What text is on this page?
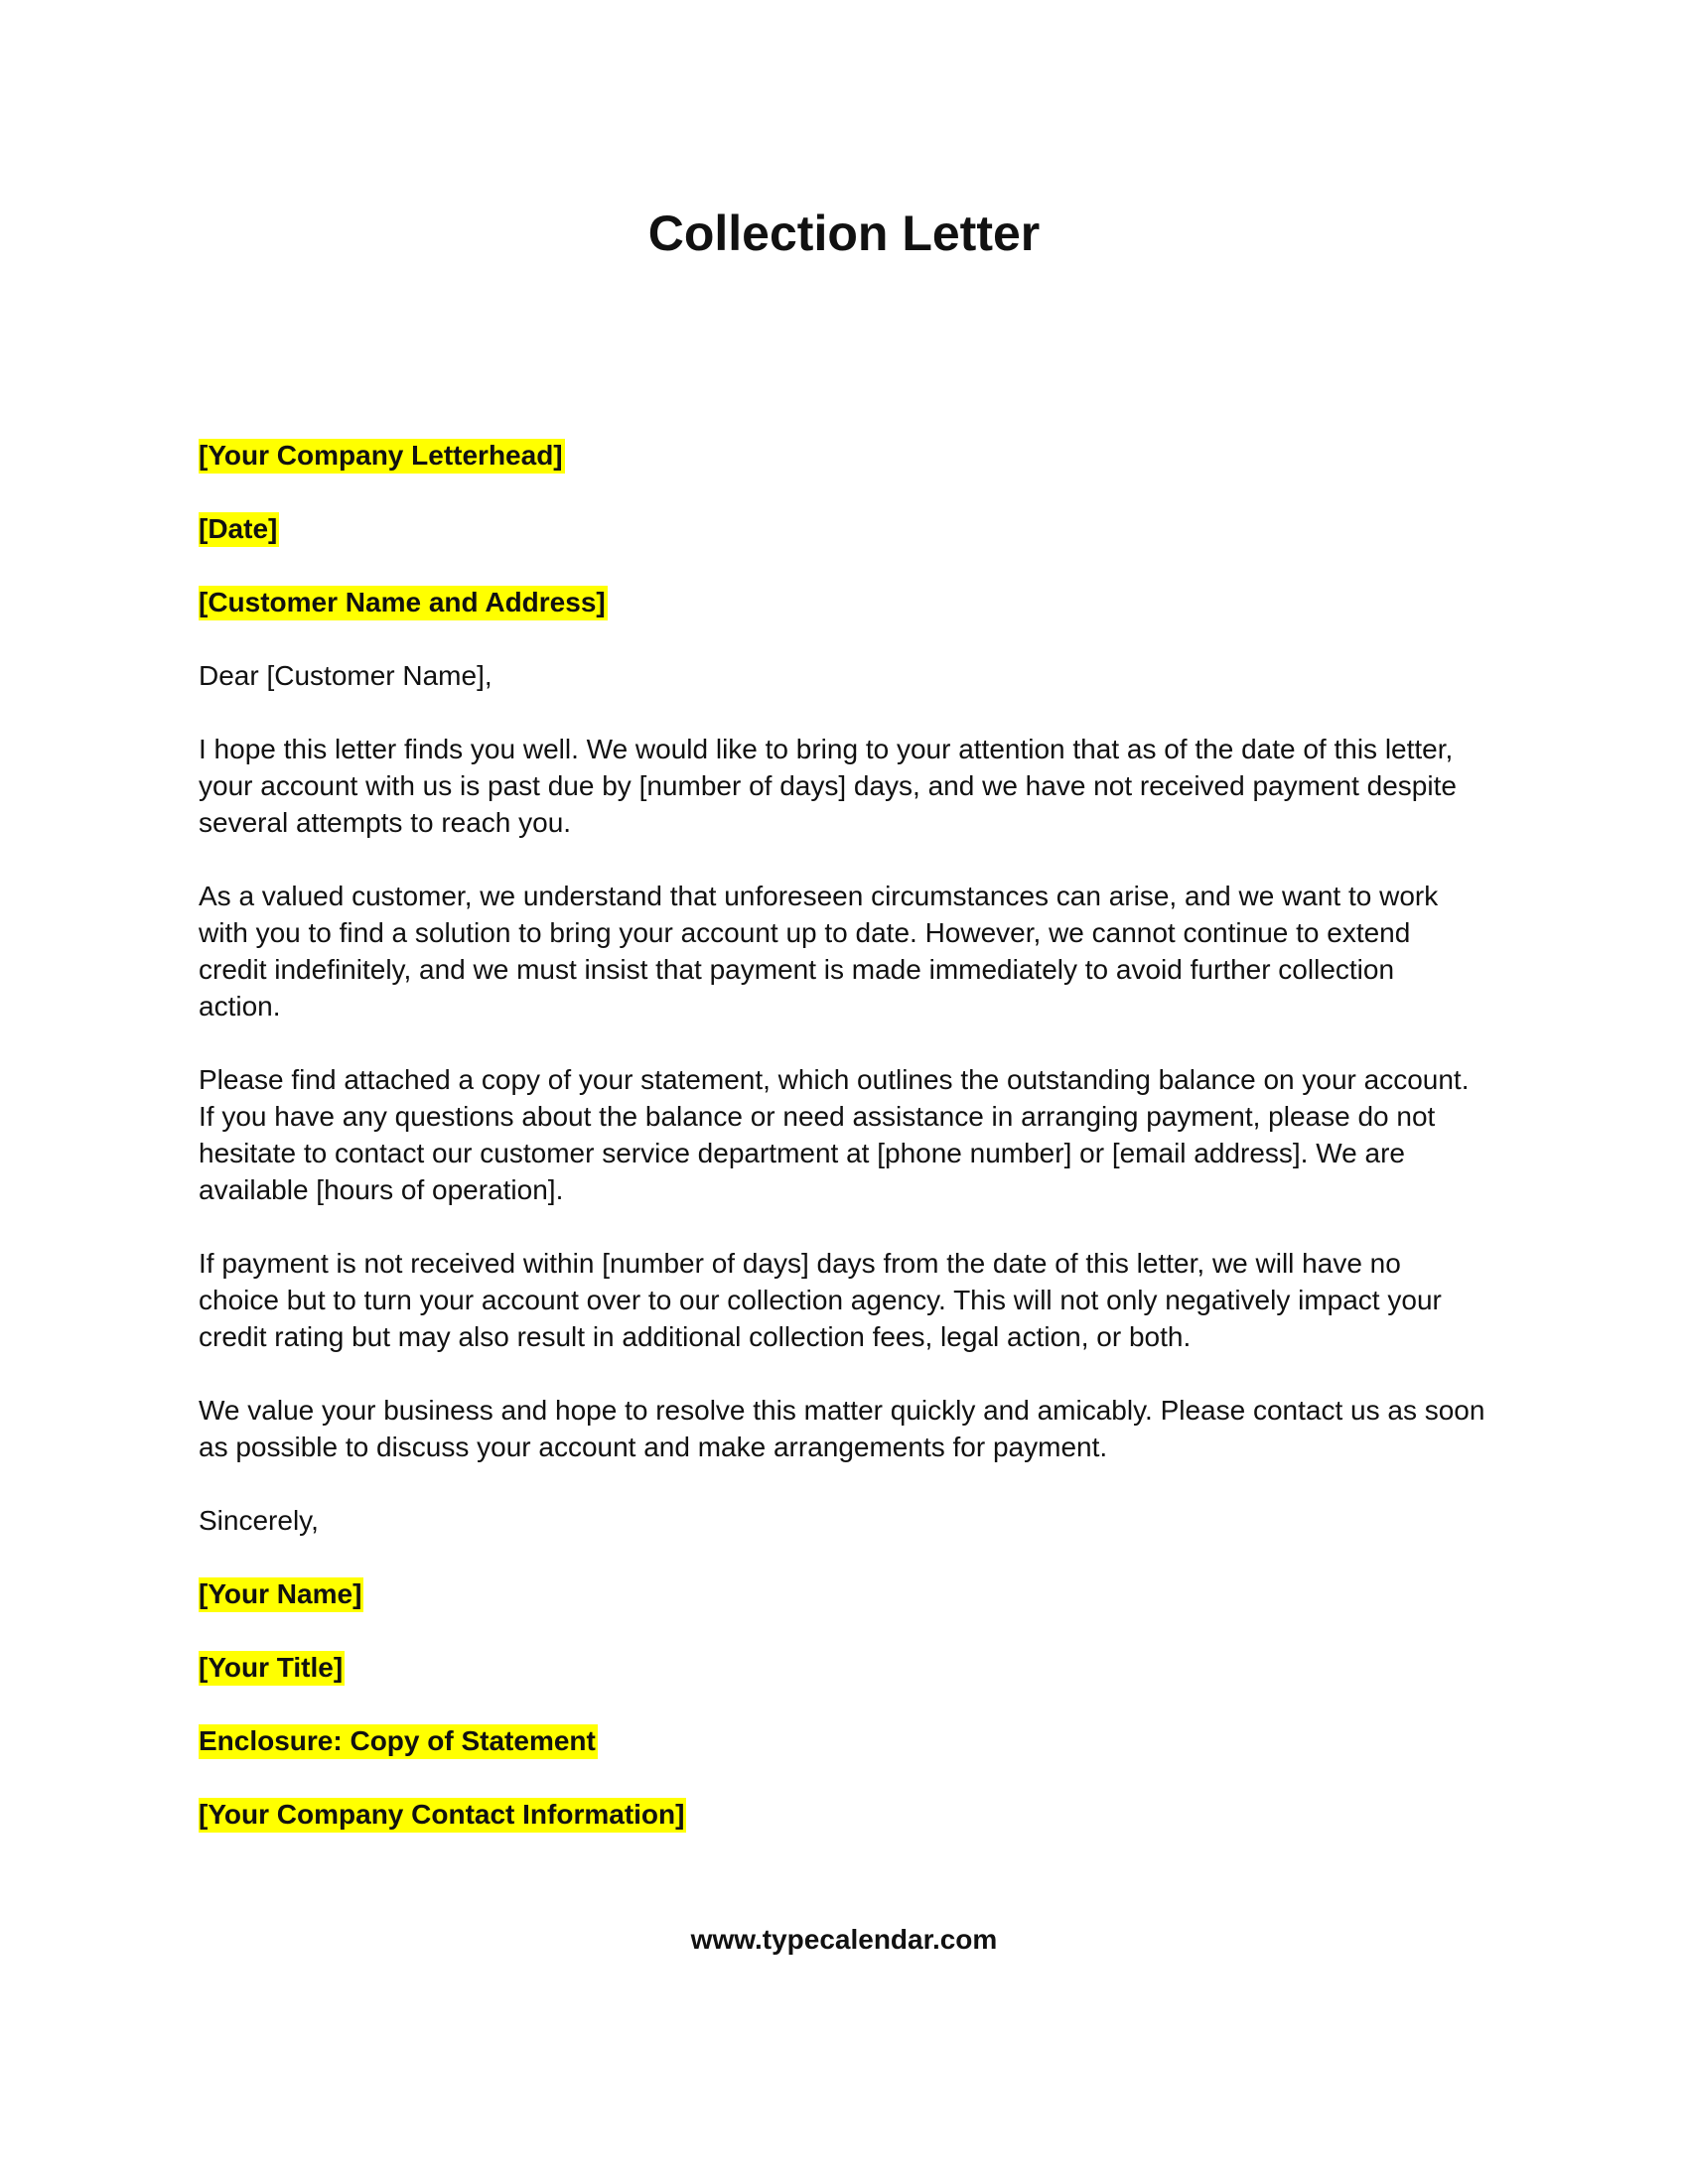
Collection Letter
[Your Company Letterhead]
[Date]
[Customer Name and Address]
Dear [Customer Name],

I hope this letter finds you well. We would like to bring to your attention that as of the date of this letter,

your account with us is past due by [number of days] days, and we have not received payment despite

several attempts to reach you.

As a valued customer, we understand that unforeseen circumstances can arise, and we want to work

with you to find a solution to bring your account up to date. However, we cannot continue to extend

credit indefinitely, and we must insist that payment is made immediately to avoid further collection

action.

Please find attached a copy of your statement, which outlines the outstanding balance on your account.

If you have any questions about the balance or need assistance in arranging payment, please do not

hesitate to contact our customer service department at [phone number] or [email address]. We are

available [hours of operation].

If payment is not received within [number of days] days from the date of this letter, we will have no

choice but to turn your account over to our collection agency. This will not only negatively impact your

credit rating but may also result in additional collection fees, legal action, or both.

We value your business and hope to resolve this matter quickly and amicably. Please contact us as soon

as possible to discuss your account and make arrangements for payment.

Sincerely,
[Your Name]
[Your Title]
Enclosure: Copy of Statement
[Your Company Contact Information]
www.typecalendar.com
